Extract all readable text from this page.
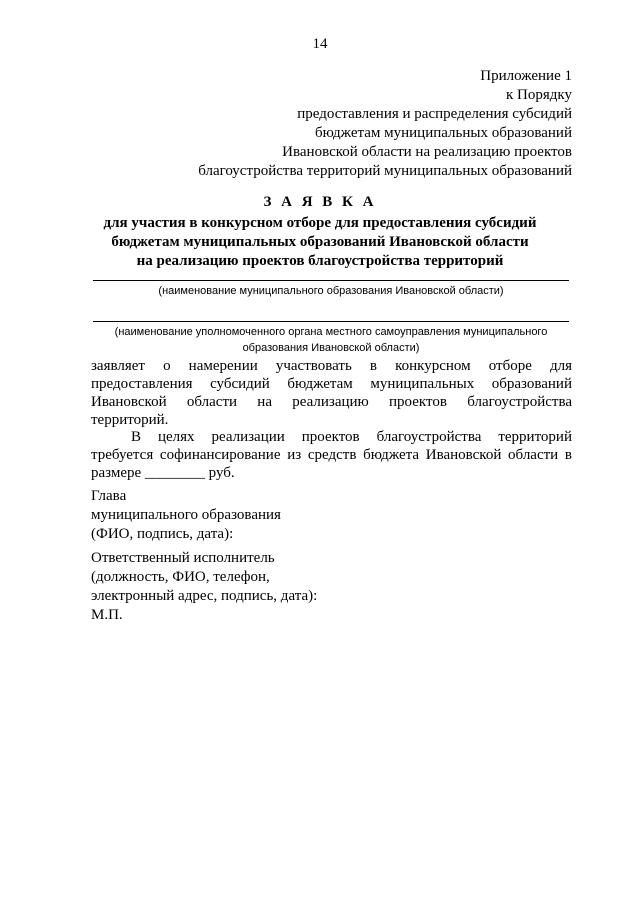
14
Приложение 1
к Порядку
предоставления и распределения субсидий
бюджетам муниципальных образований
Ивановской области на реализацию проектов
благоустройства территорий муниципальных образований
З А Я В К А
для участия в конкурсном отборе для предоставления субсидий
бюджетам муниципальных образований Ивановской области
на реализацию проектов благоустройства территорий
(наименование муниципального образования Ивановской области)
(наименование уполномоченного органа местного самоуправления муниципального
образования Ивановской области)
заявляет о намерении участвовать в конкурсном отборе для
предоставления субсидий бюджетам муниципальных образований
Ивановской области на реализацию проектов благоустройства
территорий.
В целях реализации проектов благоустройства территорий
требуется софинансирование из средств бюджета Ивановской области в
размере ________ руб.
Глава
муниципального образования
(ФИО, подпись, дата):
Ответственный исполнитель
(должность, ФИО, телефон,
электронный адрес, подпись, дата):
М.П.
